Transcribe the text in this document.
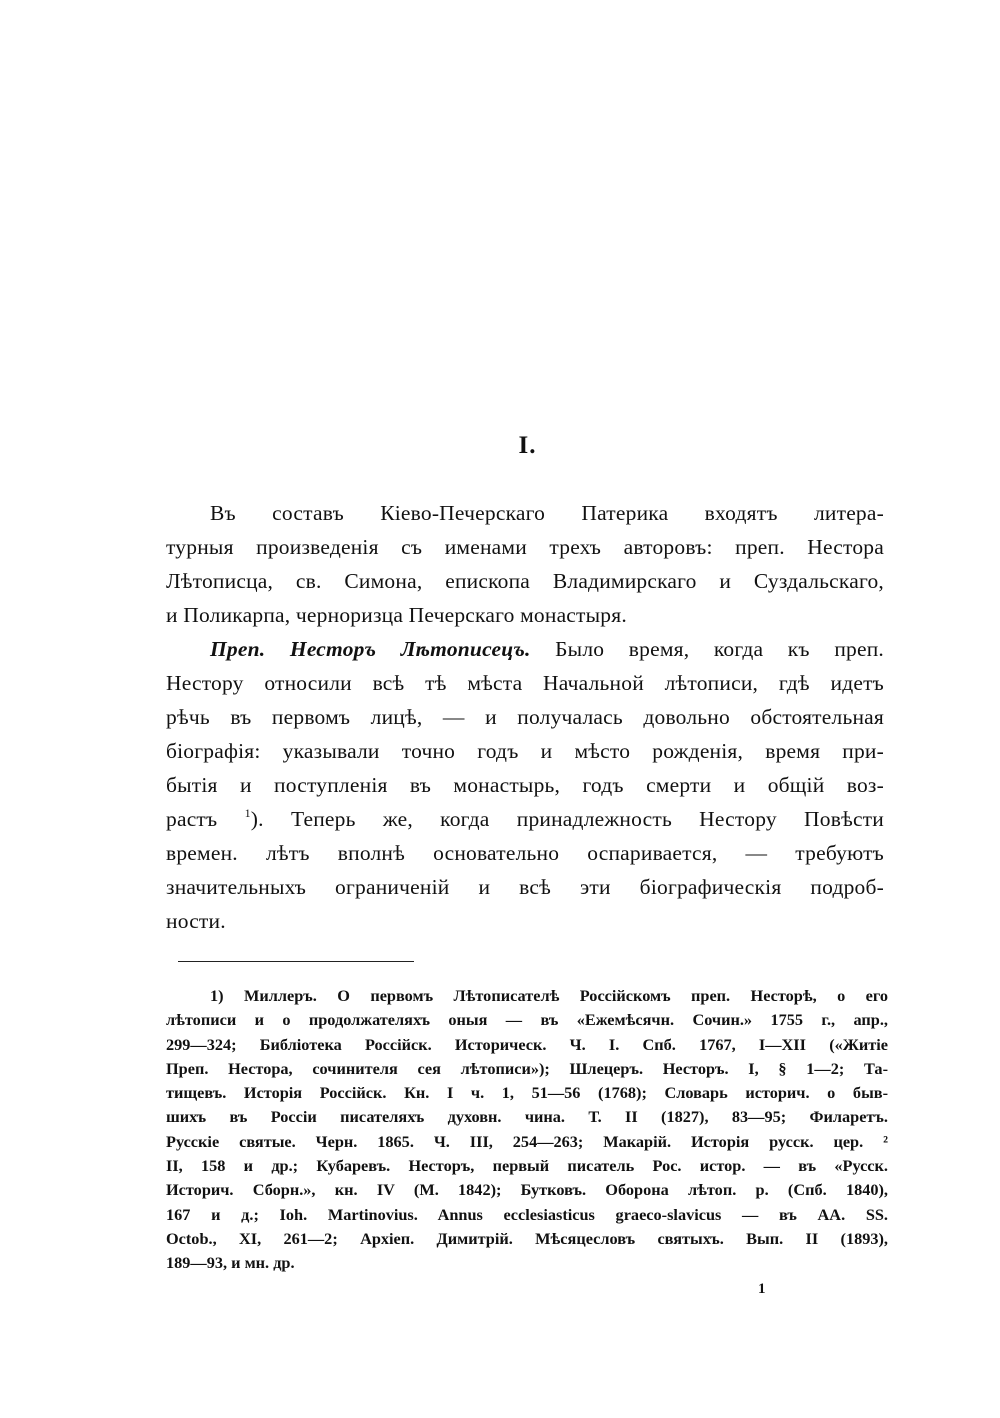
I.
Въ составъ Кіево-Печерскаго Патерика входятъ литера-
турныя произведенія съ именами трехъ авторовъ: преп. Нестора
Лѣтописца, св. Симона, епископа Владимирскаго и Суздальскаго,
и Поликарпа, черноризца Печерскаго монастыря.
Преп. Несторъ Лѣтописецъ. Было время, когда къ преп.
Нестору относили всѣ тѣ мѣста Начальной лѣтописи, гдѣ идетъ
рѣчь въ первомъ лицѣ, — и получалась довольно обстоятельная
біографія: указывали точно годъ и мѣсто рожденія, время при-
бытія и поступленія въ монастырь, годъ смерти и общій воз-
растъ $^1$). Теперь же, когда принадлежность Нестору Повѣсти
времен. лѣтъ вполнѣ основательно оспаривается, — требуютъ
значительныхъ ограниченій и всѣ эти біографическія подроб-
ности.
1) Миллеръ. О первомъ Лѣтописателѣ Россійскомъ преп. Несторѣ, о его
лѣтописи и о продолжателяхъ оныя — въ «Ежемѣсячн. Сочин.» 1755 г., апр.,
299—324; Библіотека Россійск. Историческ. Ч. I. Спб. 1767, I—XII («Житіе
Преп. Нестора, сочинителя сея лѣтописи»); Шлецеръ. Несторъ. I, § 1—2; Та-
тищевъ. Исторія Россійск. Кн. I ч. 1, 51—56 (1768); Словарь историч. о быв-
шихъ въ Россіи писателяхъ духовн. чина. Т. II (1827), 83—95; Филаретъ.
Русскіе святые. Черн. 1865. Ч. III, 254—263; Макарій. Исторія русск. цер. ²
II, 158 и др.; Кубаревъ. Несторъ, первый писатель Рос. истор. — въ «Русск.
Историч. Сборн.», кн. IV (М. 1842); Бутковъ. Оборона лѣтоп. р. (Спб. 1840),
167 и д.; Ioh. Martinovius. Annus ecclesiasticus graeco-slavicus — въ AA. SS.
Octob., XI, 261—2; Архіеп. Димитрій. Мѣсяцесловъ святыхъ. Вып. II (1893),
189—93, и мн. др.
1
